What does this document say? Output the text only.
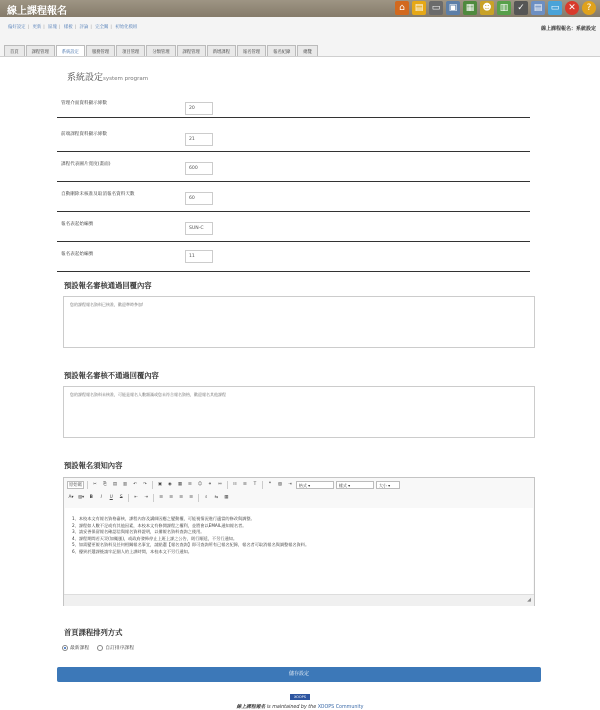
線上課程報名	⌂	▤ ▭ ▣ ▦ ☻ ▥ ✓ ▤ ▭ ✕	?
偏好設定 | 更新 | 區塊 | 樣板 | 評論 | 完全關 | 初始化模組	線上課程報名：系統設定
首頁	課程管理	系統設定	服務管理	項目管理	分類管理	課程管理	新增課程	報名管理	報名紀錄	總覽
系統設定system program
管理介面資料顯示條數
20
前端課程資料顯示條數
21
課程代表圖片寬度(畫面)
600
自動刪除未核准及取消報名資料天數
60
報名表起始編號
SUN-C
報名表起始編號	11
預設報名審核通過回覆內容
您的課程報名資料已核准，歡迎準時參加!
預設報名審核不通過回覆內容
您的課程報名資料未核准，可能是報名人數額滿或您未符合報名資格，歡迎報名其他課程
預設報名須知內容
原始碼	✂	⎘	▤	▥	↶	↷	▣	◉	▦	☰	☺	⚭	⚯	☷	☰	T	❞	▧	⇥	格式 ▾	樣式 ▾	大小 ▾
A▾	▧▾	B	I	U	S	⇤	⇥	☰	☰	☰	☰	⌕	⇆	▦
1、本校本文有報名資格審核，課程內容及講師因應之變動權，可能視情況進行適當的修改與調整。
2、課程如人數不足或有其他因素，本校本文有修開課程之權利，並將會以EMAIL通知報名者。
3、請妥善保留報名確認信與報名資料證明，以備報名資料查詢之使用。
4、課程期間若天災(如颱風)，或政府發佈停止上班上課之公告，則行順延，不另行通知。
5、如需變更報名資料及任何相關報名事宜，請點選【報名查詢】即可查詢所有已報名紀錄，報名者可取消報名與調整報名資料。
6、優異於選課後請牢記個人的上課時間，本校本文不另行通知。
◢
首頁課程排列方式
最新課程	自訂排序課程
儲存設定
XOOPS
線上課程報名 is maintained by the XOOPS Community
